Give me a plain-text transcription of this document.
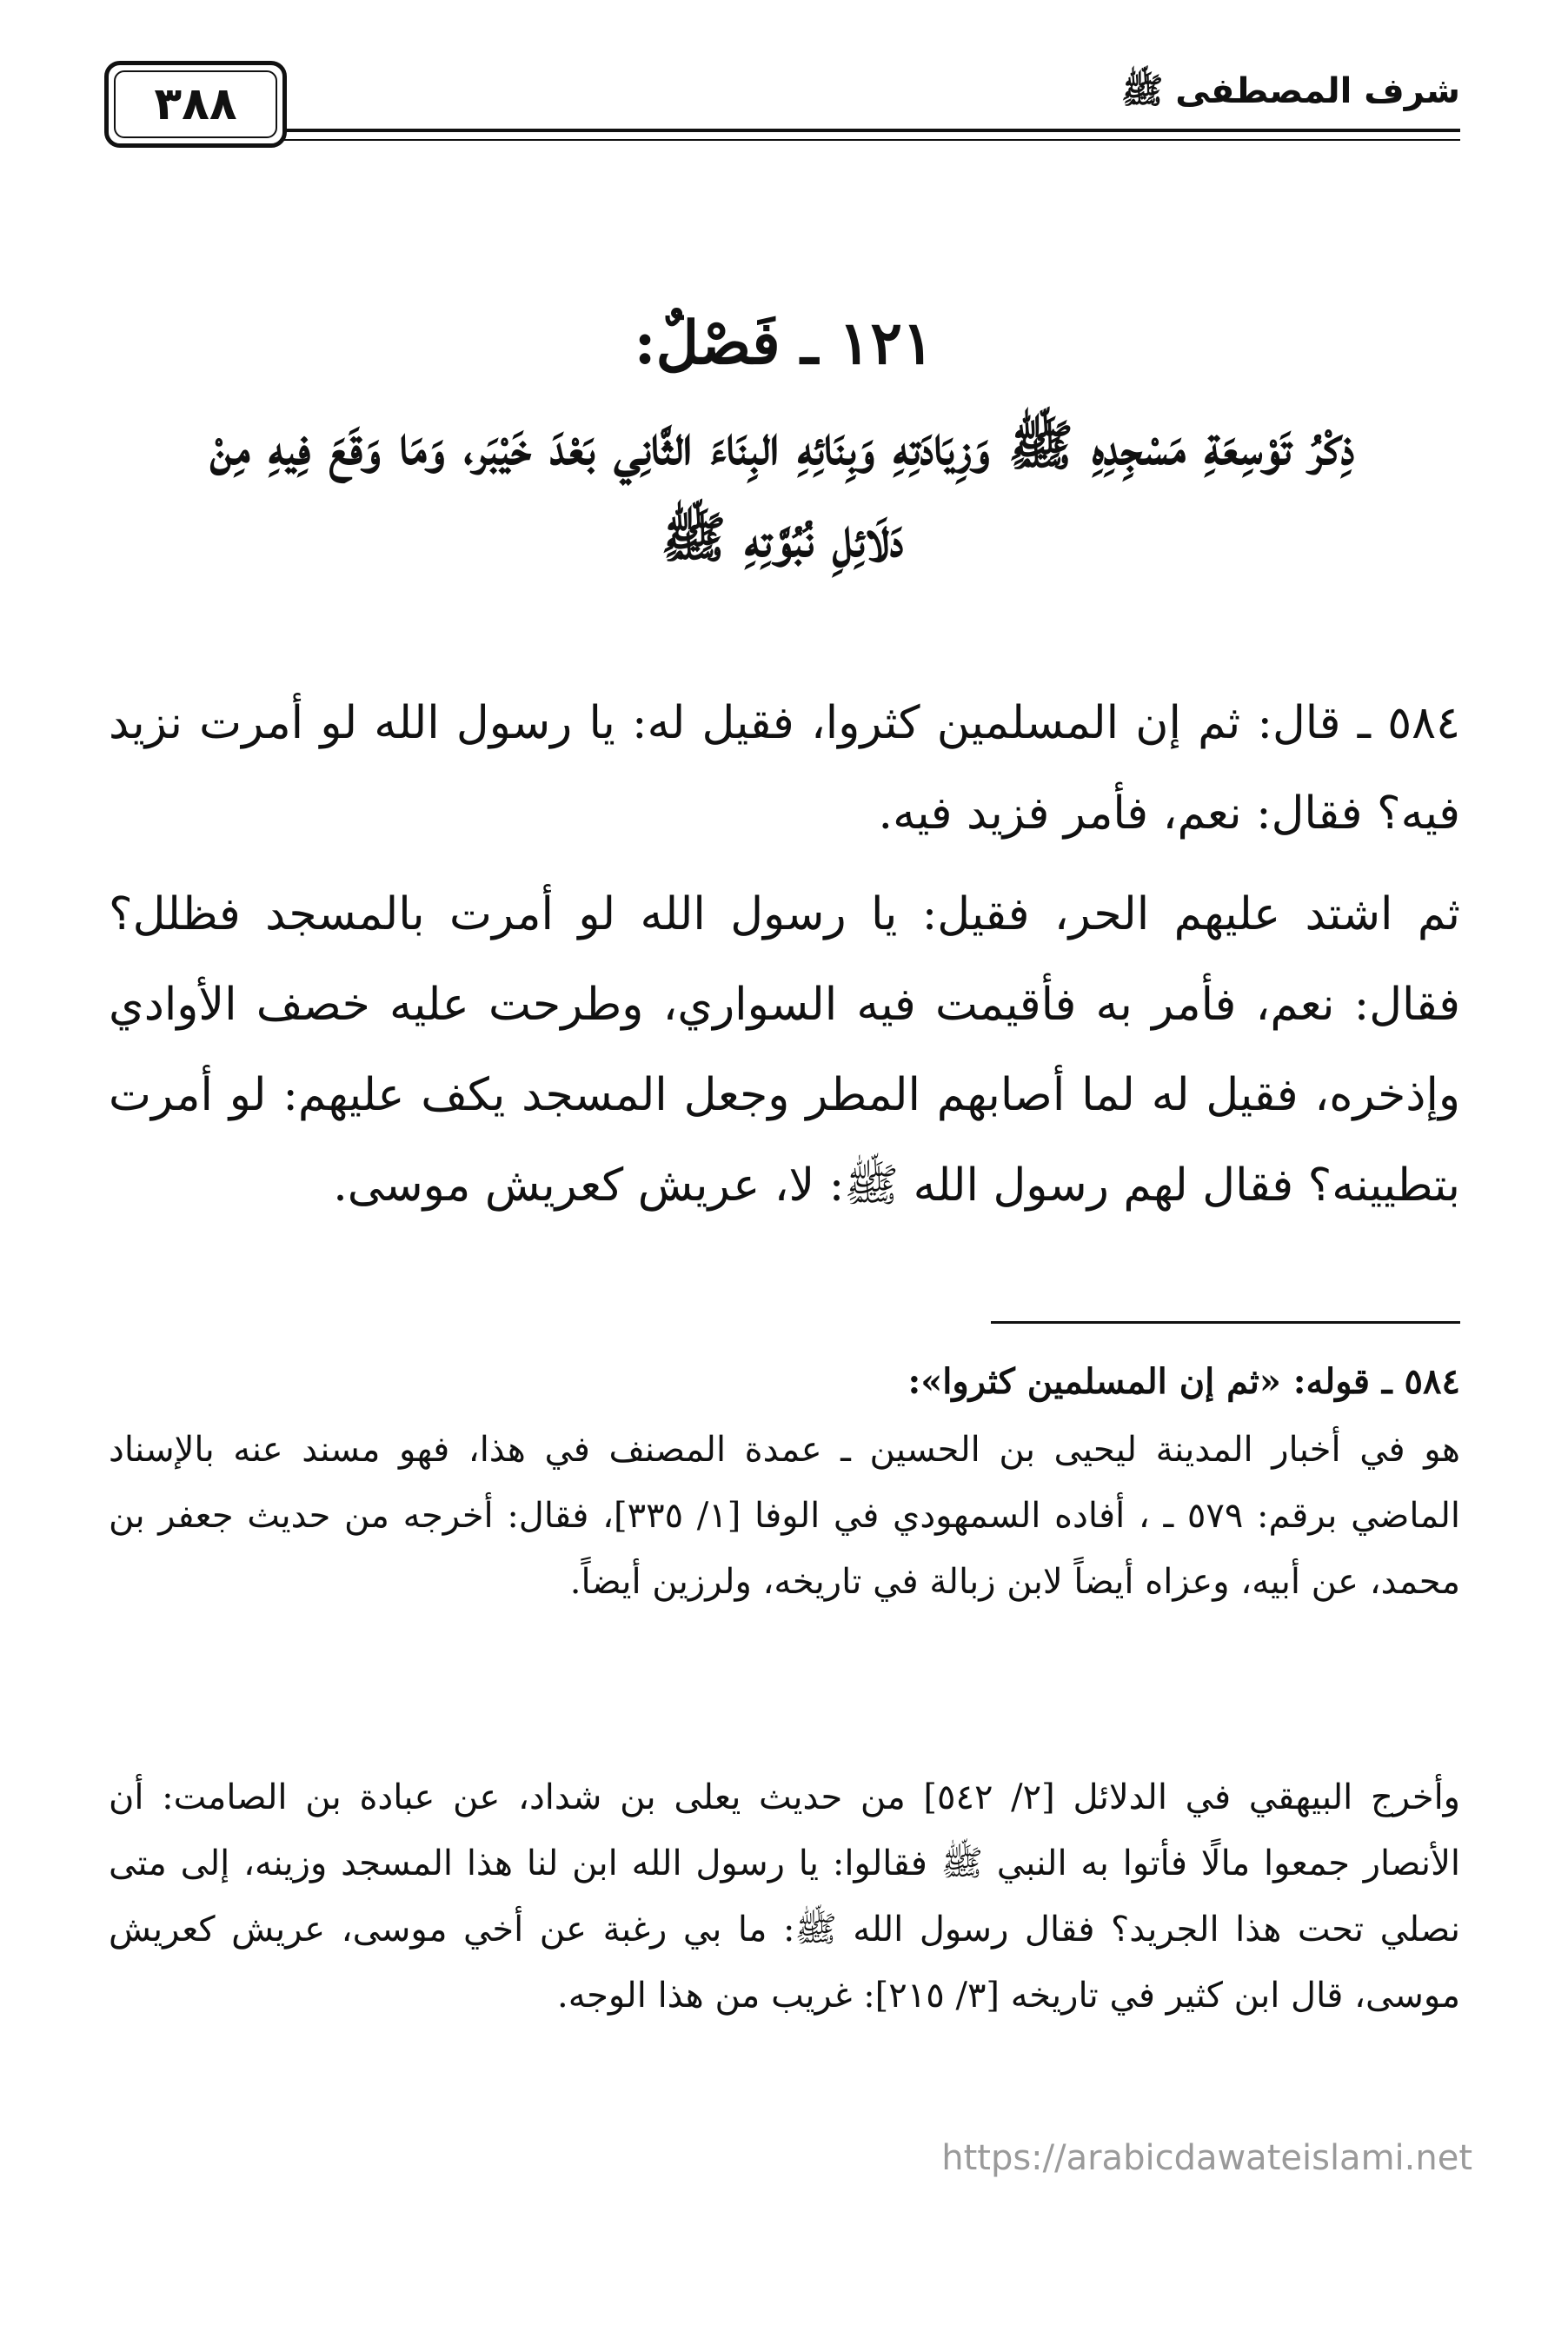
شرف المصطفى ﷺ
٣٨٨
١٢١ ـ فَصْلٌ:
ذِكْرُ تَوْسِعَةِ مَسْجِدِهِ ﷺ وَزِيَادَتِهِ وَبِنَائِهِ البِنَاءَ الثَّانِي بَعْدَ خَيْبَر، وَمَا وَقَعَ فِيهِ مِنْ دَلَائِلِ نُبُوَّتِهِ ﷺ
٥٨٤ ـ قال: ثم إن المسلمين كثروا، فقيل له: يا رسول الله لو أمرت نزيد فيه؟ فقال: نعم، فأمر فزيد فيه.
ثم اشتد عليهم الحر، فقيل: يا رسول الله لو أمرت بالمسجد فظلل؟ فقال: نعم، فأمر به فأقيمت فيه السواري، وطرحت عليه خصف الأوادي وإذخره، فقيل له لما أصابهم المطر وجعل المسجد يكف عليهم: لو أمرت بتطيينه؟ فقال لهم رسول الله ﷺ: لا، عريش كعريش موسى.
٥٨٤ ـ قوله: «ثم إن المسلمين كثروا»:
هو في أخبار المدينة ليحيى بن الحسين ـ عمدة المصنف في هذا، فهو مسند عنه بالإسناد الماضي برقم: ٥٧٩ ـ ، أفاده السمهودي في الوفا [١/ ٣٣٥]، فقال: أخرجه من حديث جعفر بن محمد، عن أبيه، وعزاه أيضاً لابن زبالة في تاريخه، ولرزين أيضاً.
وأخرج البيهقي في الدلائل [٢/ ٥٤٢] من حديث يعلى بن شداد، عن عبادة بن الصامت: أن الأنصار جمعوا مالًا فأتوا به النبي ﷺ فقالوا: يا رسول الله ابن لنا هذا المسجد وزينه، إلى متى نصلي تحت هذا الجريد؟ فقال رسول الله ﷺ: ما بي رغبة عن أخي موسى، عريش كعريش موسى، قال ابن كثير في تاريخه [٣/ ٢١٥]: غريب من هذا الوجه.
https://arabicdawateislami.net
